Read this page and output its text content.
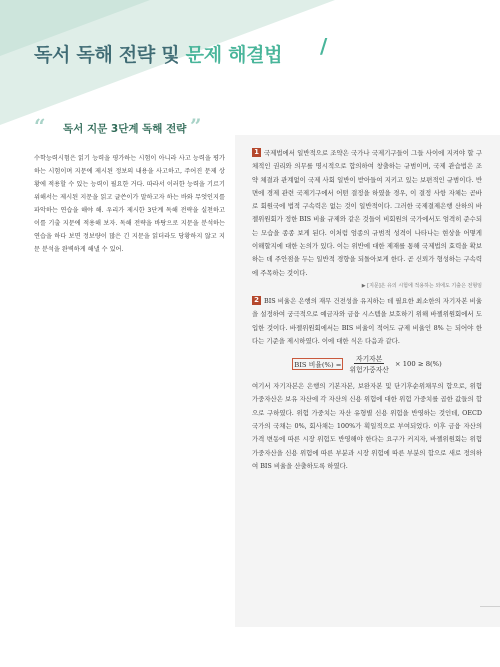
독서 독해 전략 및 문제 해결법 /
“ 독서 지문 3단계 독해 전략 ”
수학능력시험은 읽기 능력을 평가하는 시험이 아니라 사고 능력을 평가하는 시험이며 지문에 제시된 정보의 내용을 사고하고, 주어진 문제 상황에 적용할 수 있는 능력이 필요한 거다. 따라서 이러한 능력을 기르기 위해서는 제시된 지문을 읽고 글쓴이가 말하고자 하는 바와 무엇인지를 파악하는 연습을 해야 해. 우리가 제시한 3단계 독해 전략을 실천하고 이를 기출 지문에 적용해 보자. 독해 전략을 바탕으로 지문을 분석하는 연습을 하다 보면 정보량이 많은 긴 지문을 읽더라도 당황하지 않고 지문 분석을 완벽하게 해낼 수 있어.

1 국제법에서 일반적으로 조약은 국가나 국제기구들이 그들 사이에 지켜야 할 구체적인 권리와 의무를 명시적으로 합의하여 창출하는 규범이며, 국제 관습법은 조약 체결과 관계없이 국제 사회 일반이 받아들여 지키고 있는 보편적인 규범이다. 반면에 경제 관련 국제기구에서 어떤 결정을 하였을 경우, 이 결정 사항 자체는 곧바로 회원국에 법적 구속력은 없는 것이 일반적이다. 그러한 국제결제은행 산하의 바젤위원회가 정한 BIS 비율 규제와 같은 것들이 비회원의 국가에서도 엄격히 준수되는 모습을 종종 보게 된다. 이처럼 엄종의 규범적 성격이 나타나는 현상을 어떻게 이해할지에 대한 논의가 있다. 이는 위반에 대한 제재를 통해 국제법의 효력을 확보하는 데 주안점을 두는 일반적 경향을 되돌아보게 한다. 곧 신뢰가 형성하는 구속력에 주목하는 것이다.

▶ [지문]은 유의 시험에 적용하는 외에도 기출은 전형임

2 BIS 비율은 은행의 재무 건전성을 유지하는 데 필요한 최소한의 자기자본 비율을 설정하여 궁극적으로 예금자와 금융 시스템을 보호하기 위해 바젤위원회에서 도입한 것이다. 바젤위원회에서는 BIS 비율이 적어도 규제 비율인 8% 는 되어야 한다는 기준을 제시하였다. 이에 대한 식은 다음과 같다.

BIS 비율(%) = $\frac{\text{자기자본}}{\text{위험가중자산}} \times 100 \ge 8(\%)$

여기서 자기자본은 은행의 기본자본, 보완자본 및 단기후순위채무의 합으로, 위험가중자산은 보유 자산에 각 자산의 신용 위험에 대한 위험 가중치를 곱한 값들의 합으로 구하였다. 위험 가중치는 자산 유형별 신용 위험을 반영하는 것인데, OECD 국가의 국채는 0%, 회사채는 100%가 획일적으로 부여되었다. 이후 금융 자산의 가격 변동에 따른 시장 위험도 반영해야 한다는 요구가 커지자, 바젤위원회는 위험가중자산을 신용 위험에 따른 부분과 시장 위험에 따른 부분의 합으로 새로 정의하여 BIS 비율을 산출하도록 하였다.
